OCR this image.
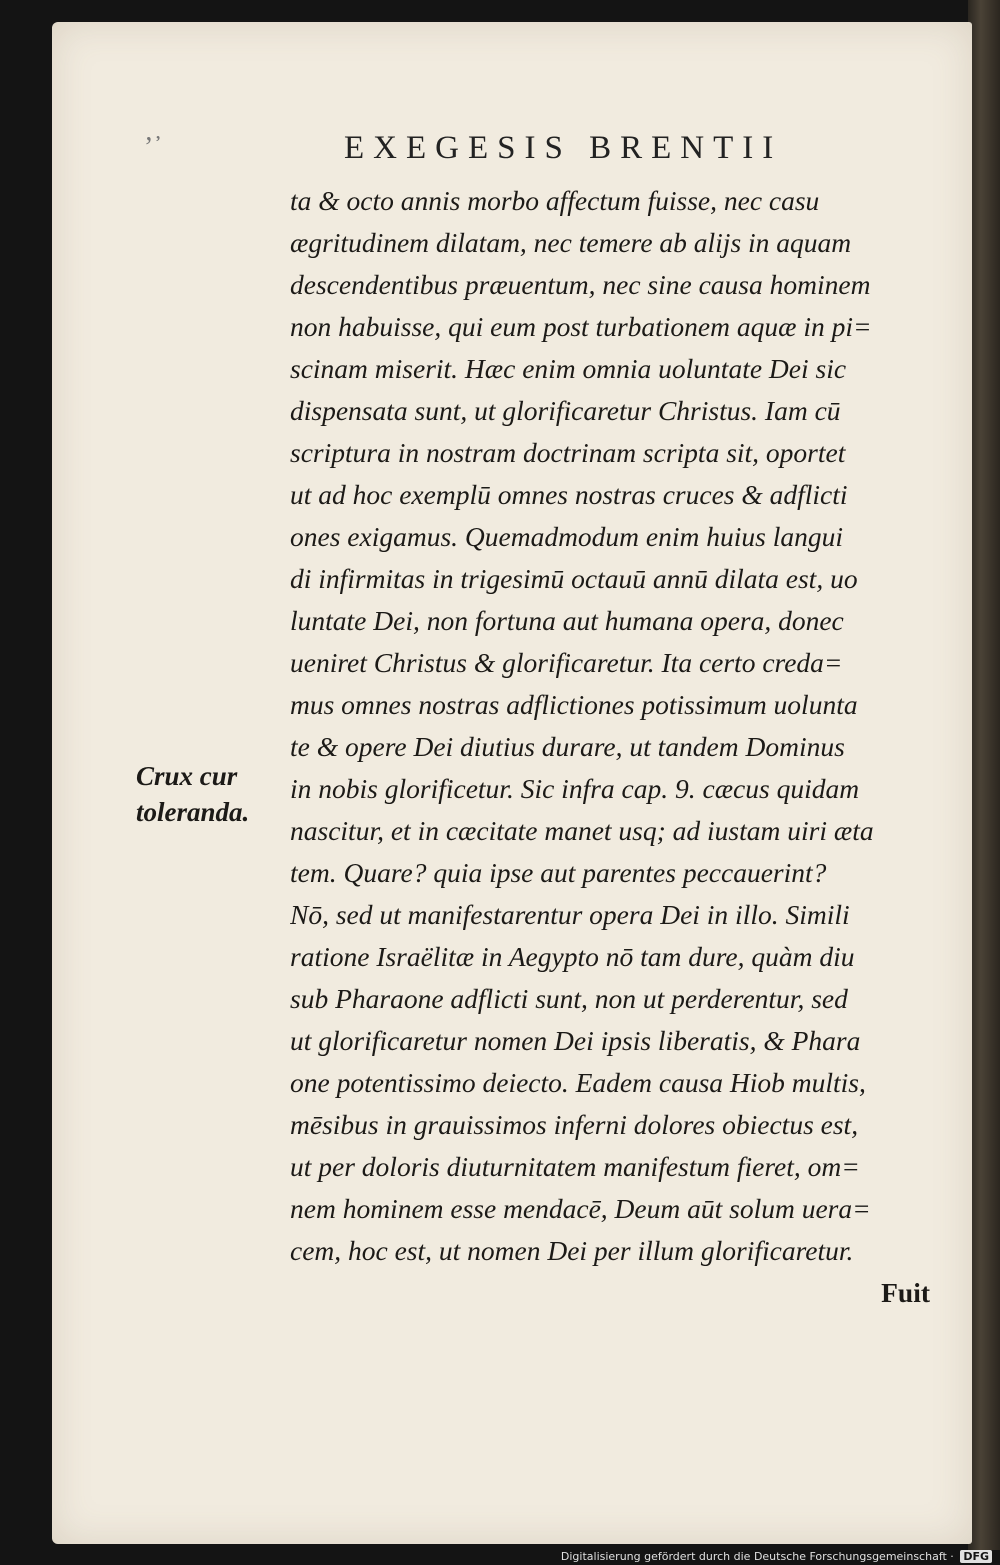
’᾽	EXEGESIS BRENTII
ta & octo annis morbo affectum fuisse, nec casu
ægritudinem dilatam, nec temere ab alijs in aquam
descendentibus præuentum, nec sine causa hominem
non habuisse, qui eum post turbationem aquæ in pi=
scinam miserit. Hæc enim omnia uoluntate Dei sic
dispensata sunt, ut glorificaretur Christus. Iam cū
scriptura in nostram doctrinam scripta sit, oportet
ut ad hoc exemplū omnes nostras cruces & adflicti
ones exigamus. Quemadmodum enim huius langui
di infirmitas in trigesimū octauū annū dilata est, uo
luntate Dei, non fortuna aut humana opera, donec
ueniret Christus & glorificaretur. Ita certo creda=
mus omnes nostras adflictiones potissimum uolunta
te & opere Dei diutius durare, ut tandem Dominus
in nobis glorificetur. Sic infra cap. 9. cæcus quidam
nascitur, et in cæcitate manet usq; ad iustam uiri æta
tem. Quare? quia ipse aut parentes peccauerint?
Nō, sed ut manifestarentur opera Dei in illo. Simili
ratione Israëlitæ in Aegypto nō tam dure, quàm diu
sub Pharaone adflicti sunt, non ut perderentur, sed
ut glorificaretur nomen Dei ipsis liberatis, & Phara
one potentissimo deiecto. Eadem causa Hiob multis,
mēsibus in grauissimos inferni dolores obiectus est,
ut per doloris diuturnitatem manifestum fieret, om=
nem hominem esse mendacē, Deum aūt solum uera=
cem, hoc est, ut nomen Dei per illum glorificaretur.
Fuit
Crux cur
toleranda.
Digitalisierung gefördert durch die Deutsche Forschungsgemeinschaft · DFG
